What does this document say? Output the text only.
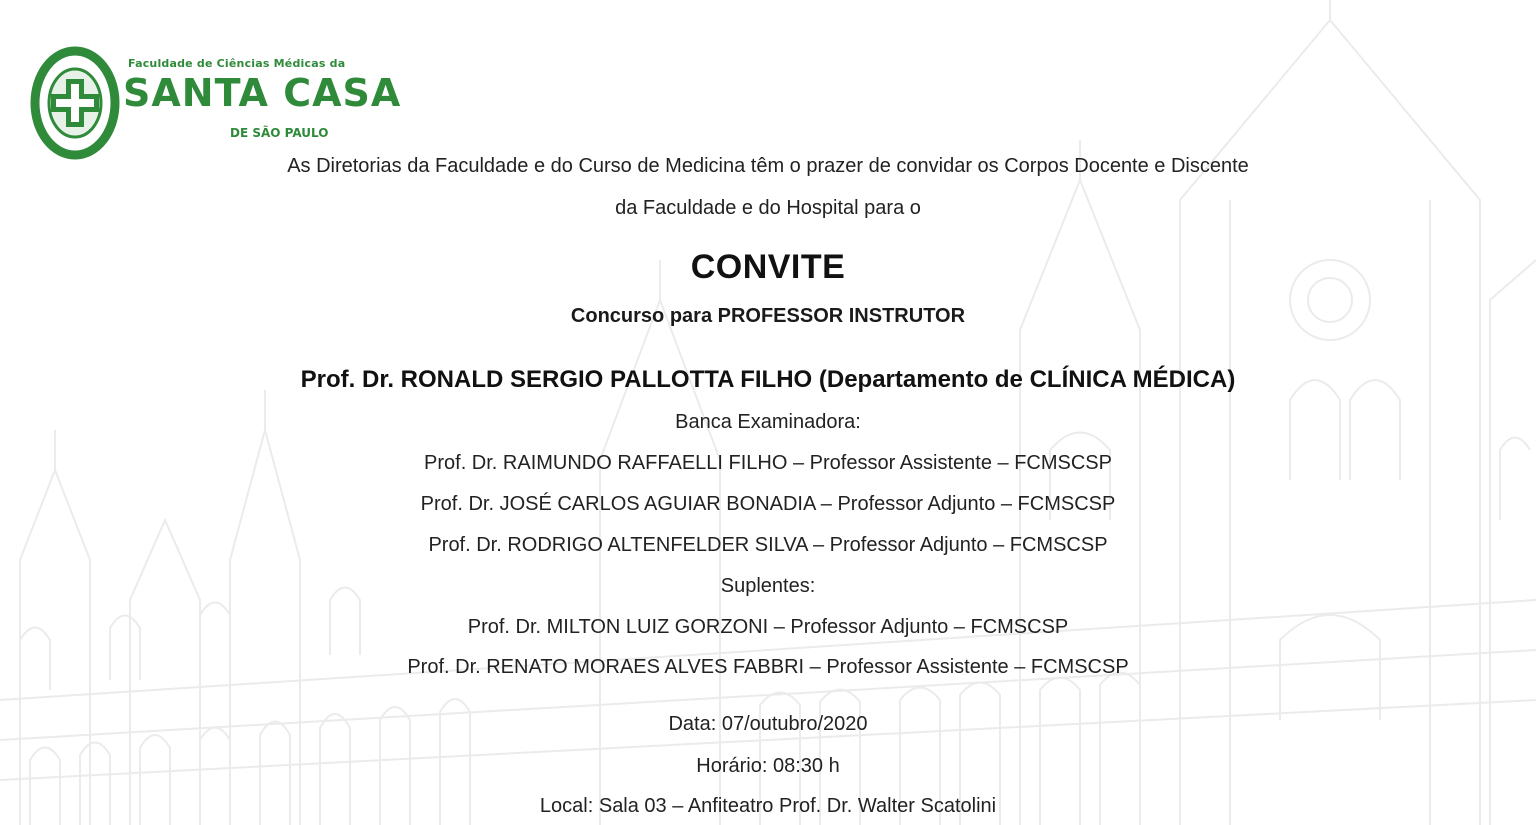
Faculdade de Ciências Médicas da
SANTA CASA
DE SÃO PAULO
As Diretorias da Faculdade e do Curso de Medicina têm o prazer de convidar os Corpos Docente e Discente
da Faculdade e do Hospital para o
CONVITE
Concurso para PROFESSOR INSTRUTOR
Prof. Dr. RONALD SERGIO PALLOTTA FILHO (Departamento de CLÍNICA MÉDICA)
Banca Examinadora:
Prof. Dr. RAIMUNDO RAFFAELLI FILHO – Professor Assistente – FCMSCSP
Prof. Dr. JOSÉ CARLOS AGUIAR BONADIA – Professor Adjunto – FCMSCSP
Prof. Dr. RODRIGO ALTENFELDER SILVA – Professor Adjunto – FCMSCSP
Suplentes:
Prof. Dr. MILTON LUIZ GORZONI – Professor Adjunto – FCMSCSP
Prof. Dr. RENATO MORAES ALVES FABBRI – Professor Assistente – FCMSCSP
Data: 07/outubro/2020
Horário: 08:30 h
Local: Sala 03 – Anfiteatro Prof. Dr. Walter Scatolini
